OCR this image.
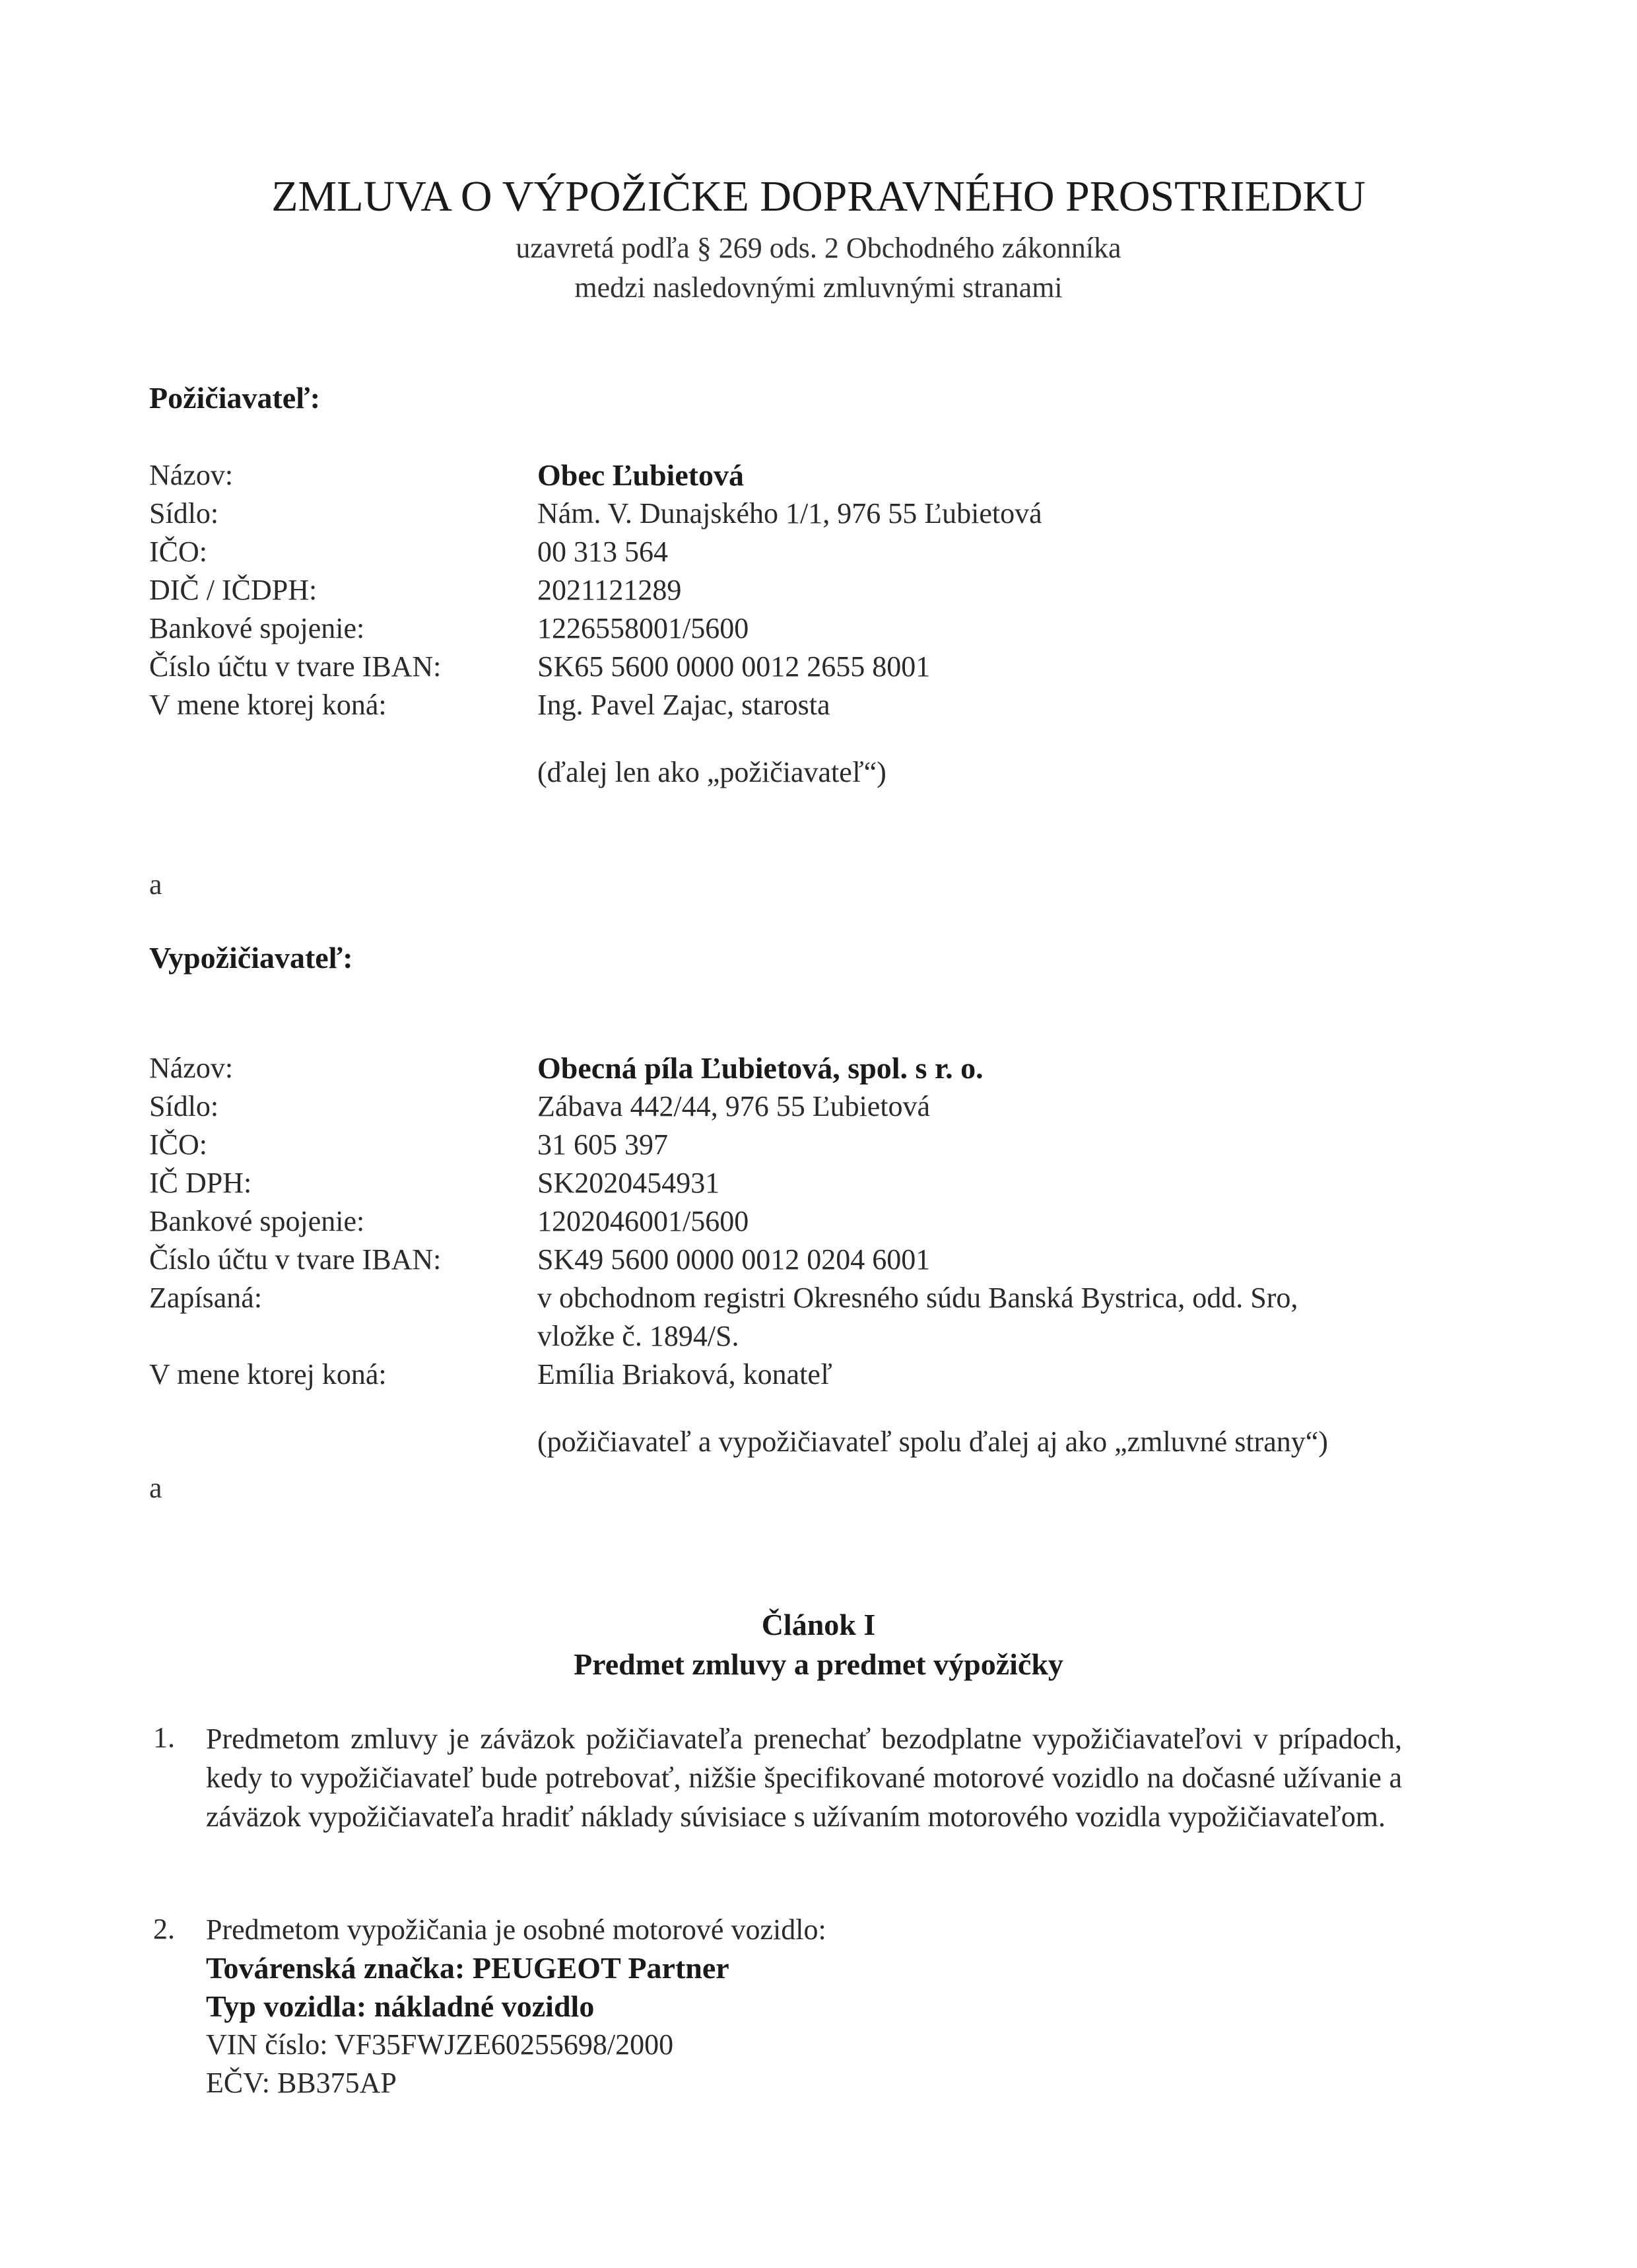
ZMLUVA O VÝPOŽIČKE DOPRAVNÉHO PROSTRIEDKU

uzavretá podľa § 269 ods. 2 Obchodného zákonníka

medzi nasledovnými zmluvnými stranami

Požičiavateľ:

Názov:	Obec Ľubietová

Sídlo:	Nám. V. Dunajského 1/1, 976 55 Ľubietová

IČO:	00 313 564

DIČ / IČDPH:	2021121289

Bankové spojenie:	1226558001/5600

Číslo účtu v tvare IBAN:	SK65 5600 0000 0012 2655 8001

V mene ktorej koná:	Ing. Pavel Zajac, starosta

(ďalej len ako „požičiavateľ“)

a

Vypožičiavateľ:

Názov:	Obecná píla Ľubietová, spol. s r. o.

Sídlo:	Zábava 442/44, 976 55 Ľubietová

IČO:	31 605 397

IČ DPH:	SK2020454931

Bankové spojenie:	1202046001/5600

Číslo účtu v tvare IBAN:	SK49 5600 0000 0012 0204 6001

Zapísaná:	v obchodnom registri Okresného súdu Banská Bystrica, odd. Sro,

vložke č. 1894/S.

V mene ktorej koná:	Emília Briaková, konateľ

(požičiavateľ a vypožičiavateľ spolu ďalej aj ako „zmluvné strany“)

a

Článok I

Predmet zmluvy a predmet výpožičky

1. Predmetom zmluvy je záväzok požičiavateľa prenechať bezodplatne vypožičiavateľovi v prípadoch, kedy to vypožičiavateľ bude potrebovať, nižšie špecifikované motorové vozidlo na dočasné užívanie a záväzok vypožičiavateľa hradiť náklady súvisiace s užívaním motorového vozidla vypožičiavateľom.

2. Predmetom vypožičania je osobné motorové vozidlo:

Továrenská značka: PEUGEOT Partner

Typ vozidla: nákladné vozidlo

VIN číslo: VF35FWJZE60255698/2000

EČV: BB375AP
